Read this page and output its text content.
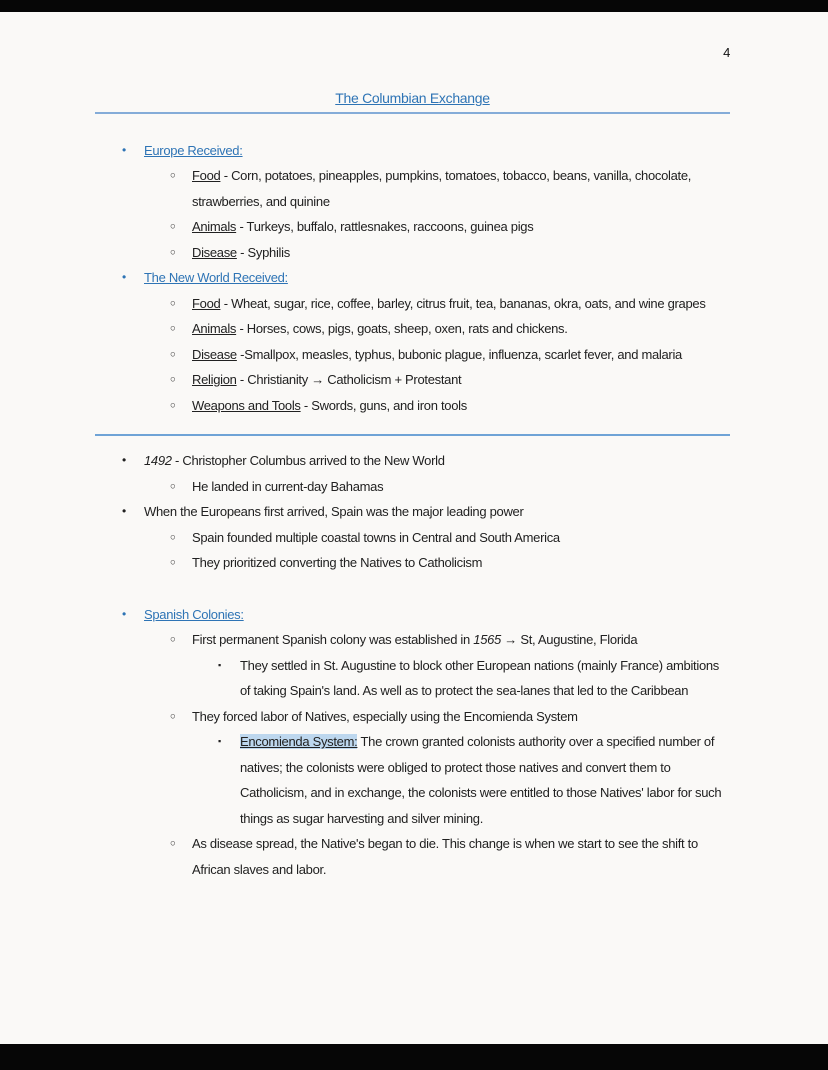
4
The Columbian Exchange
•	Europe Received:
○	Food - Corn, potatoes, pineapples, pumpkins, tomatoes, tobacco, beans, vanilla, chocolate, strawberries, and quinine
○	Animals - Turkeys, buffalo, rattlesnakes, raccoons, guinea pigs
○	Disease - Syphilis
•	The New World Received:
○	Food - Wheat, sugar, rice, coffee, barley, citrus fruit, tea, bananas, okra, oats, and wine grapes
○	Animals - Horses, cows, pigs, goats, sheep, oxen, rats and chickens.
○	Disease -Smallpox, measles, typhus, bubonic plague, influenza, scarlet fever, and malaria
○	Religion - Christianity → Catholicism + Protestant
○	Weapons and Tools - Swords, guns, and iron tools
•	1492 - Christopher Columbus arrived to the New World
○	He landed in current-day Bahamas
•	When the Europeans first arrived, Spain was the major leading power
○	Spain founded multiple coastal towns in Central and South America
○	They prioritized converting the Natives to Catholicism
•	Spanish Colonies:
○	First permanent Spanish colony was established in 1565 → St, Augustine, Florida
▪	They settled in St. Augustine to block other European nations (mainly France) ambitions of taking Spain's land. As well as to protect the sea-lanes that led to the Caribbean
○	They forced labor of Natives, especially using the Encomienda System
▪	Encomienda System: The crown granted colonists authority over a specified number of natives; the colonists were obliged to protect those natives and convert them to Catholicism, and in exchange, the colonists were entitled to those Natives' labor for such things as sugar harvesting and silver mining.
○	As disease spread, the Native's began to die. This change is when we start to see the shift to African slaves and labor.
